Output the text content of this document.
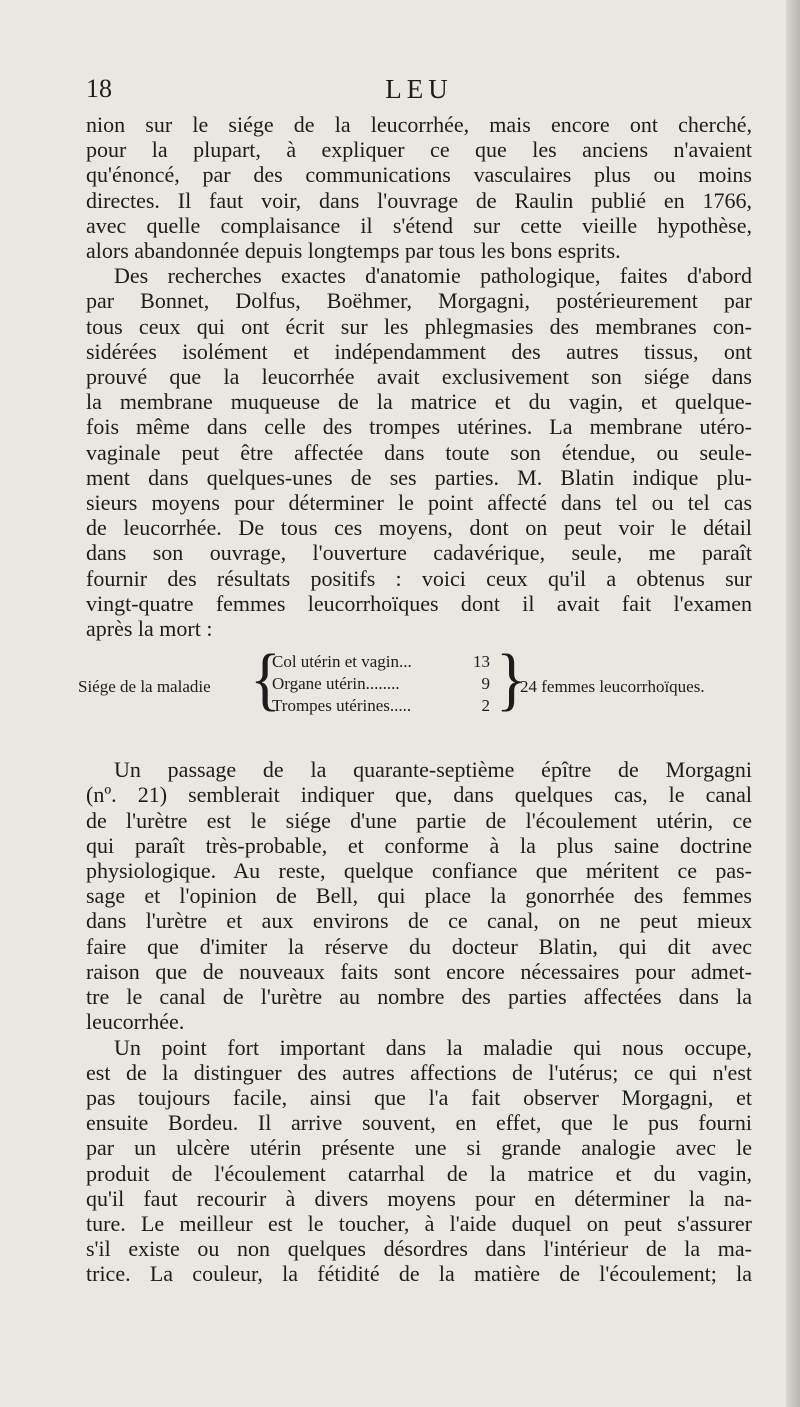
18	LEU
nion sur le siége de la leucorrhée, mais encore ont cherché,
pour la plupart, à expliquer ce que les anciens n'avaient
qu'énoncé, par des communications vasculaires plus ou moins
directes. Il faut voir, dans l'ouvrage de Raulin publié en 1766,
avec quelle complaisance il s'étend sur cette vieille hypothèse,
alors abandonnée depuis longtemps par tous les bons esprits.
Des recherches exactes d'anatomie pathologique, faites d'abord
par Bonnet, Dolfus, Boëhmer, Morgagni, postérieurement par
tous ceux qui ont écrit sur les phlegmasies des membranes con-
sidérées isolément et indépendamment des autres tissus, ont
prouvé que la leucorrhée avait exclusivement son siége dans
la membrane muqueuse de la matrice et du vagin, et quelque-
fois même dans celle des trompes utérines. La membrane utéro-
vaginale peut être affectée dans toute son étendue, ou seule-
ment dans quelques-unes de ses parties. M. Blatin indique plu-
sieurs moyens pour déterminer le point affecté dans tel ou tel cas
de leucorrhée. De tous ces moyens, dont on peut voir le détail
dans son ouvrage, l'ouverture cadavérique, seule, me paraît
fournir des résultats positifs : voici ceux qu'il a obtenus sur
vingt-quatre femmes leucorrhoïques dont il avait fait l'examen
après la mort :
Siége de la maladie {
Col utérin et vagin ...	13
Organe utérin ........	9
Trompes utérines .....	2 }
24 femmes leucorrhoïques.
Un passage de la quarante-septième épître de Morgagni
(nº. 21) semblerait indiquer que, dans quelques cas, le canal
de l'urètre est le siége d'une partie de l'écoulement utérin, ce
qui paraît très-probable, et conforme à la plus saine doctrine
physiologique. Au reste, quelque confiance que méritent ce pas-
sage et l'opinion de Bell, qui place la gonorrhée des femmes
dans l'urètre et aux environs de ce canal, on ne peut mieux
faire que d'imiter la réserve du docteur Blatin, qui dit avec
raison que de nouveaux faits sont encore nécessaires pour admet-
tre le canal de l'urètre au nombre des parties affectées dans la
leucorrhée.
Un point fort important dans la maladie qui nous occupe,
est de la distinguer des autres affections de l'utérus; ce qui n'est
pas toujours facile, ainsi que l'a fait observer Morgagni, et
ensuite Bordeu. Il arrive souvent, en effet, que le pus fourni
par un ulcère utérin présente une si grande analogie avec le
produit de l'écoulement catarrhal de la matrice et du vagin,
qu'il faut recourir à divers moyens pour en déterminer la na-
ture. Le meilleur est le toucher, à l'aide duquel on peut s'assurer
s'il existe ou non quelques désordres dans l'intérieur de la ma-
trice. La couleur, la fétidité de la matière de l'écoulement; la
